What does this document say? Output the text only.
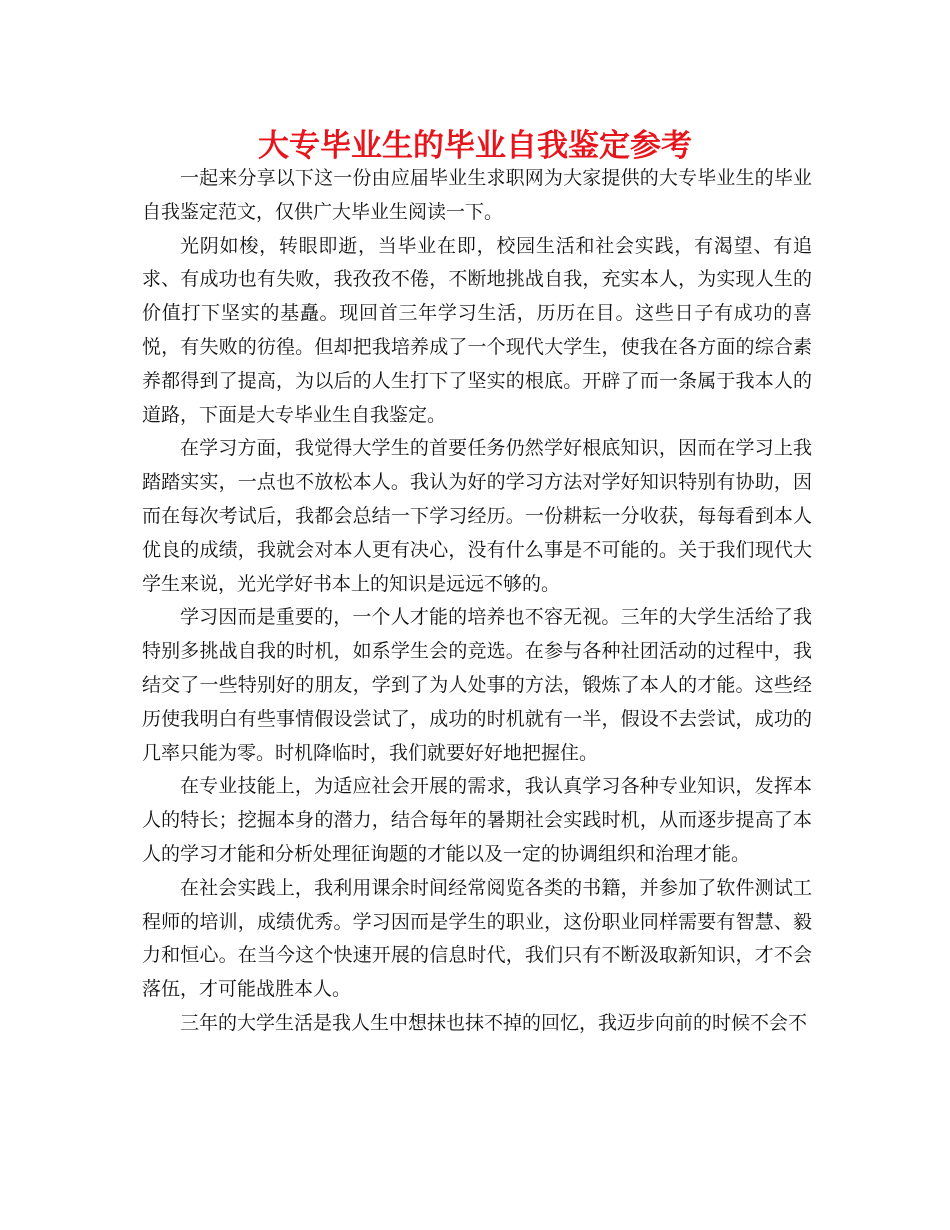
大专毕业生的毕业自我鉴定参考

一起来分享以下这一份由应届毕业生求职网为大家提供的大专毕业生的毕业自我鉴定范文，仅供广大毕业生阅读一下。

光阴如梭，转眼即逝，当毕业在即，校园生活和社会实践，有渴望、有追求、有成功也有失败，我孜孜不倦，不断地挑战自我，充实本人，为实现人生的价值打下坚实的基矗。现回首三年学习生活，历历在目。这些日子有成功的喜悦，有失败的彷徨。但却把我培养成了一个现代大学生，使我在各方面的综合素养都得到了提高，为以后的人生打下了坚实的根底。开辟了而一条属于我本人的道路，下面是大专毕业生自我鉴定。

在学习方面，我觉得大学生的首要任务仍然学好根底知识，因而在学习上我踏踏实实，一点也不放松本人。我认为好的学习方法对学好知识特别有协助，因而在每次考试后，我都会总结一下学习经历。一份耕耘一分收获，每每看到本人优良的成绩，我就会对本人更有决心，没有什么事是不可能的。关于我们现代大学生来说，光光学好书本上的知识是远远不够的。

学习因而是重要的，一个人才能的培养也不容无视。三年的大学生活给了我特别多挑战自我的时机，如系学生会的竞选。在参与各种社团活动的过程中，我结交了一些特别好的朋友，学到了为人处事的方法，锻炼了本人的才能。这些经历使我明白有些事情假设尝试了，成功的时机就有一半，假设不去尝试，成功的几率只能为零。时机降临时，我们就要好好地把握住。

在专业技能上，为适应社会开展的需求，我认真学习各种专业知识，发挥本人的特长；挖掘本身的潜力，结合每年的暑期社会实践时机，从而逐步提高了本人的学习才能和分析处理征询题的才能以及一定的协调组织和治理才能。

在社会实践上，我利用课余时间经常阅览各类的书籍，并参加了软件测试工程师的培训，成绩优秀。学习因而是学生的职业，这份职业同样需要有智慧、毅力和恒心。在当今这个快速开展的信息时代，我们只有不断汲取新知识，才不会落伍，才可能战胜本人。

三年的大学生活是我人生中想抹也抹不掉的回忆，我迈步向前的时候不会不
